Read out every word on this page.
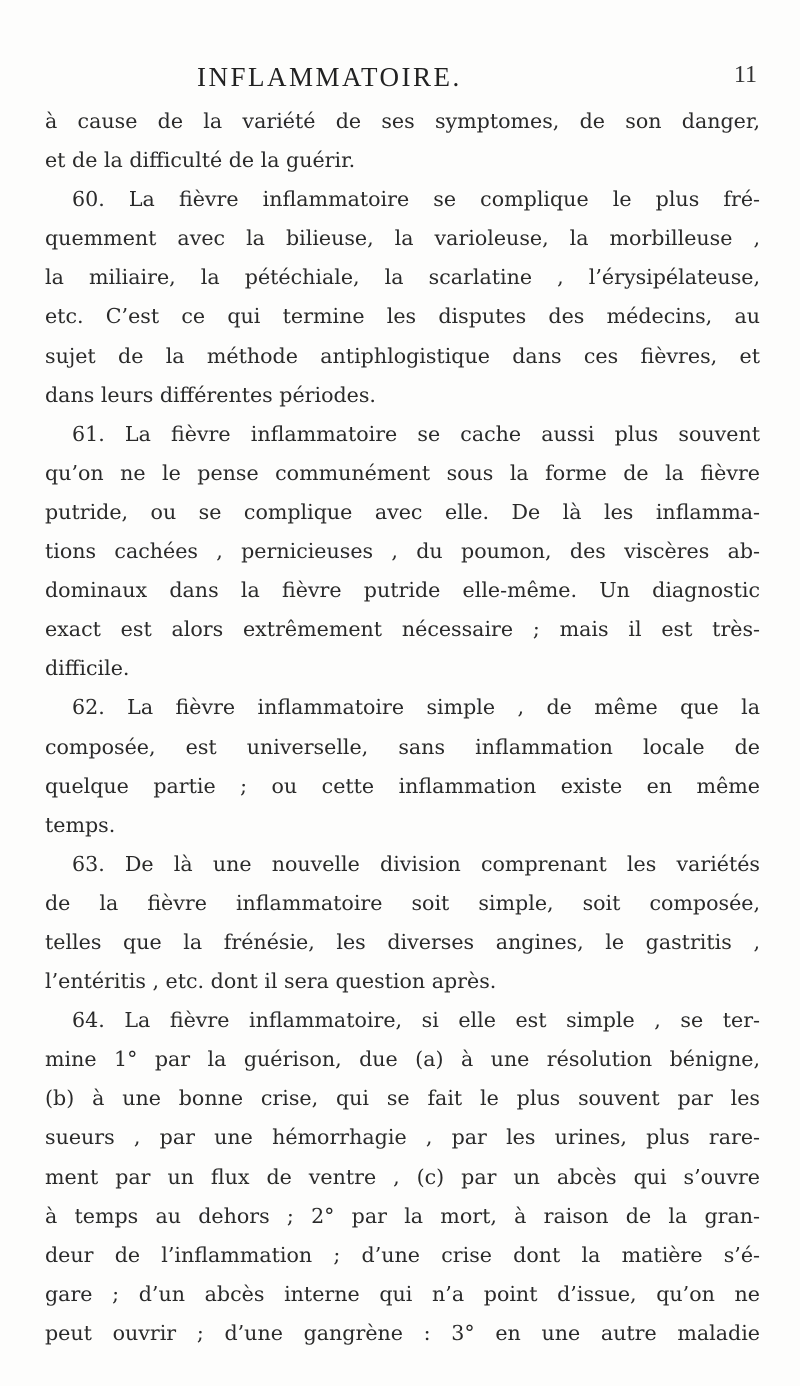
INFLAMMATOIRE.	11
à cause de la variété de ses symptomes, de son danger,
et de la difficulté de la guérir.
60. La fièvre inflammatoire se complique le plus fré-
quemment avec la bilieuse, la varioleuse, la morbilleuse ,
la miliaire, la pétéchiale, la scarlatine , l’érysipélateuse,
etc. C’est ce qui termine les disputes des médecins, au
sujet de la méthode antiphlogistique dans ces fièvres, et
dans leurs différentes périodes.
61. La fièvre inflammatoire se cache aussi plus souvent
qu’on ne le pense communément sous la forme de la fièvre
putride, ou se complique avec elle. De là les inflamma-
tions cachées , pernicieuses , du poumon, des viscères ab-
dominaux dans la fièvre putride elle-même. Un diagnostic
exact est alors extrêmement nécessaire ; mais il est très-
difficile.
62. La fièvre inflammatoire simple , de même que la
composée, est universelle, sans inflammation locale de
quelque partie ; ou cette inflammation existe en même
temps.
63. De là une nouvelle division comprenant les variétés
de la fièvre inflammatoire soit simple, soit composée,
telles que la frénésie, les diverses angines, le gastritis ,
l’entéritis , etc. dont il sera question après.
64. La fièvre inflammatoire, si elle est simple , se ter-
mine 1° par la guérison, due (a) à une résolution bénigne,
(b) à une bonne crise, qui se fait le plus souvent par les
sueurs , par une hémorrhagie , par les urines, plus rare-
ment par un flux de ventre , (c) par un abcès qui s’ouvre
à temps au dehors ; 2° par la mort, à raison de la gran-
deur de l’inflammation ; d’une crise dont la matière s’é-
gare ; d’un abcès interne qui n’a point d’issue, qu’on ne
peut ouvrir ; d’une gangrène : 3° en une autre maladie
